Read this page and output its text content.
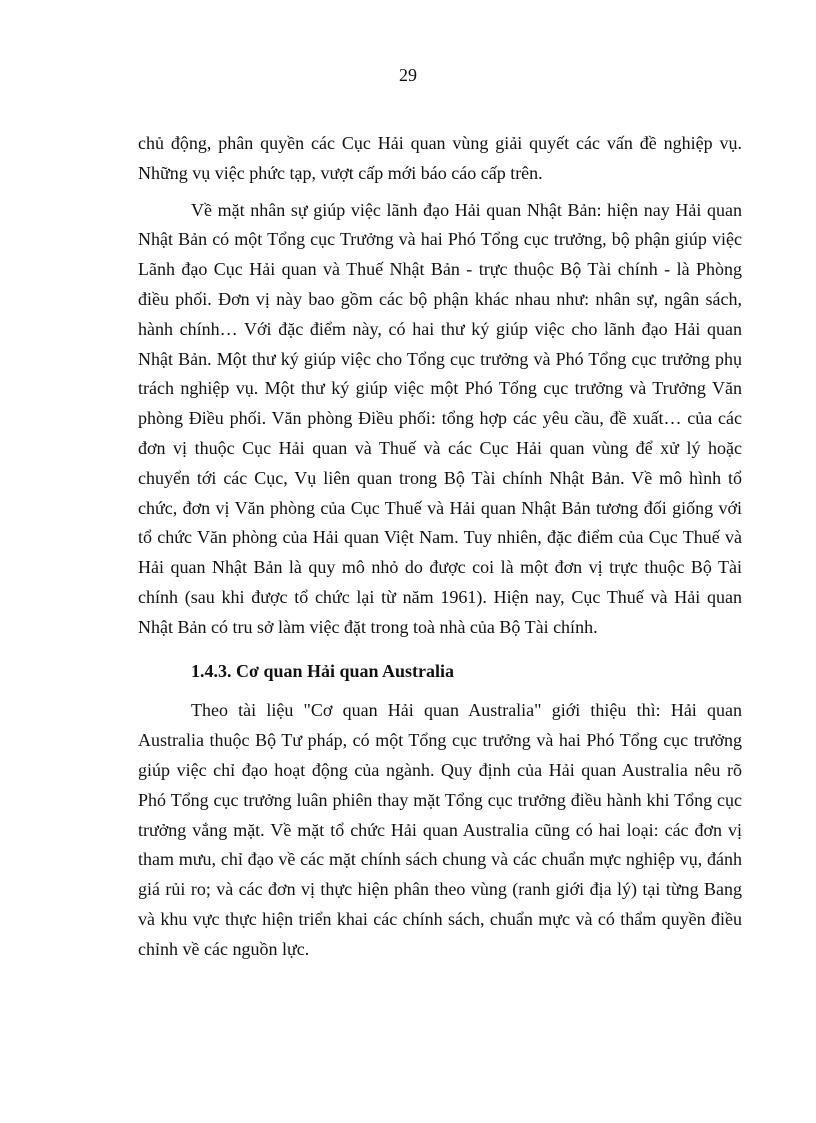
29

chủ động, phân quyền các Cục Hải quan vùng giải quyết các vấn đề nghiệp vụ. Những vụ việc phức tạp, vượt cấp mới báo cáo cấp trên.

Về mặt nhân sự giúp việc lãnh đạo Hải quan Nhật Bản: hiện nay Hải quan Nhật Bản có một Tổng cục Trưởng và hai Phó Tổng cục trưởng, bộ phận giúp việc Lãnh đạo Cục Hải quan và Thuế Nhật Bản - trực thuộc Bộ Tài chính - là Phòng điều phối. Đơn vị này bao gồm các bộ phận khác nhau như: nhân sự, ngân sách, hành chính… Với đặc điểm này, có hai thư ký giúp việc cho lãnh đạo Hải quan Nhật Bản. Một thư ký giúp việc cho Tổng cục trưởng và Phó Tổng cục trưởng phụ trách nghiệp vụ. Một thư ký giúp việc một Phó Tổng cục trưởng và Trưởng Văn phòng Điều phối. Văn phòng Điều phối: tổng hợp các yêu cầu, đề xuất… của các đơn vị thuộc Cục Hải quan và Thuế và các Cục Hải quan vùng để xử lý hoặc chuyển tới các Cục, Vụ liên quan trong Bộ Tài chính Nhật Bản. Về mô hình tổ chức, đơn vị Văn phòng của Cục Thuế và Hải quan Nhật Bản tương đối giống với tổ chức Văn phòng của Hải quan Việt Nam. Tuy nhiên, đặc điểm của Cục Thuế và Hải quan Nhật Bản là quy mô nhỏ do được coi là một đơn vị trực thuộc Bộ Tài chính (sau khi được tổ chức lại từ năm 1961). Hiện nay, Cục Thuế và Hải quan Nhật Bản có tru sở làm việc đặt trong toà nhà của Bộ Tài chính.

1.4.3. Cơ quan Hải quan Australia

Theo tài liệu "Cơ quan Hải quan Australia" giới thiệu thì: Hải quan Australia thuộc Bộ Tư pháp, có một Tổng cục trưởng và hai Phó Tổng cục trưởng giúp việc chỉ đạo hoạt động của ngành. Quy định của Hải quan Australia nêu rõ Phó Tổng cục trưởng luân phiên thay mặt Tổng cục trưởng điều hành khi Tổng cục trưởng vắng mặt. Về mặt tổ chức Hải quan Australia cũng có hai loại: các đơn vị tham mưu, chỉ đạo về các mặt chính sách chung và các chuẩn mực nghiệp vụ, đánh giá rủi ro; và các đơn vị thực hiện phân theo vùng (ranh giới địa lý) tại từng Bang và khu vực thực hiện triển khai các chính sách, chuẩn mực và có thẩm quyền điều chỉnh về các nguồn lực.
